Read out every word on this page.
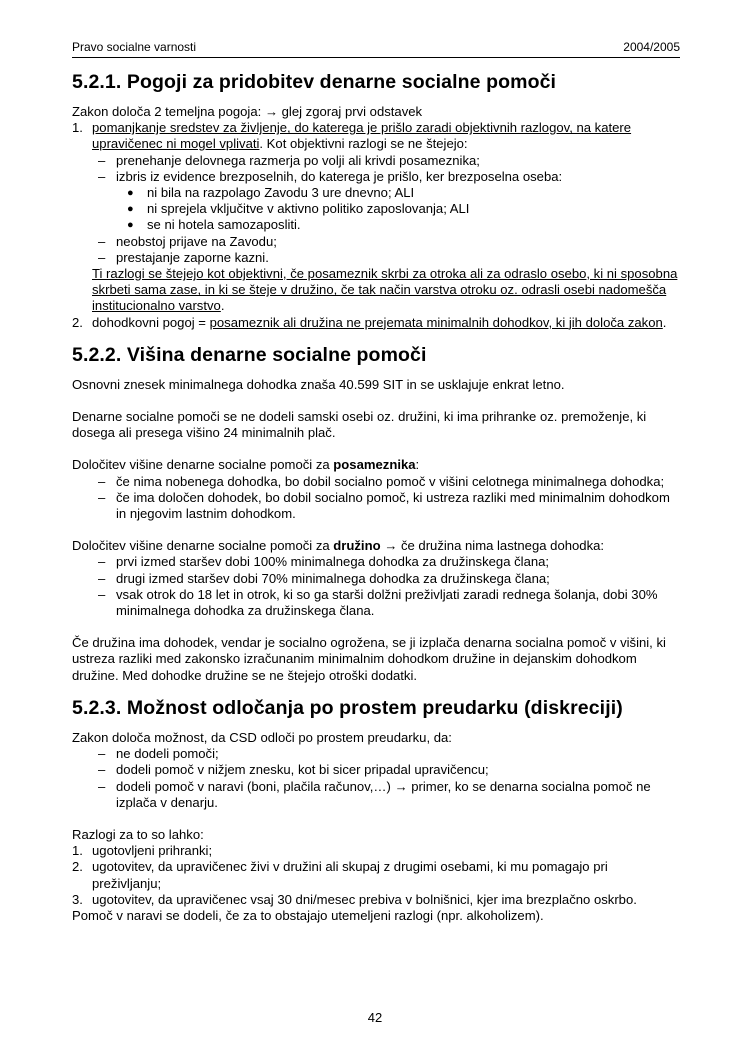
Pravo socialne varnosti	2004/2005
5.2.1. Pogoji za pridobitev denarne socialne pomoči

Zakon določa 2 temeljna pogoja: → glej zgoraj prvi odstavek

1. pomanjkanje sredstev za življenje, do katerega je prišlo zaradi objektivnih razlogov, na katere upravičenec ni mogel vplivati. Kot objektivni razlogi se ne štejejo:
– prenehanje delovnega razmerja po volji ali krivdi posameznika;
– izbris iz evidence brezposelnih, do katerega je prišlo, ker brezposelna oseba:
● ni bila na razpolago Zavodu 3 ure dnevno; ALI
● ni sprejela vključitve v aktivno politiko zaposlovanja; ALI
● se ni hotela samozaposliti.
– neobstoj prijave na Zavodu;
– prestajanje zaporne kazni.
Ti razlogi se štejejo kot objektivni, če posameznik skrbi za otroka ali za odraslo osebo, ki ni sposobna skrbeti sama zase, in ki se šteje v družino, če tak način varstva otroku oz. odrasli osebi nadomešča institucionalno varstvo.
2. dohodkovni pogoj = posameznik ali družina ne prejemata minimalnih dohodkov, ki jih določa zakon.
5.2.2. Višina denarne socialne pomoči

Osnovni znesek minimalnega dohodka znaša 40.599 SIT in se usklajuje enkrat letno.

Denarne socialne pomoči se ne dodeli samski osebi oz. družini, ki ima prihranke oz. premoženje, ki dosega ali presega višino 24 minimalnih plač.

Določitev višine denarne socialne pomoči za posameznika:

– če nima nobenega dohodka, bo dobil socialno pomoč v višini celotnega minimalnega dohodka;
– če ima določen dohodek, bo dobil socialno pomoč, ki ustreza razliki med minimalnim dohodkom in njegovim lastnim dohodkom.

Določitev višine denarne socialne pomoči za družino → če družina nima lastnega dohodka:

– prvi izmed staršev dobi 100% minimalnega dohodka za družinskega člana;
– drugi izmed staršev dobi 70% minimalnega dohodka za družinskega člana;
– vsak otrok do 18 let in otrok, ki so ga starši dolžni preživljati zaradi rednega šolanja, dobi 30% minimalnega dohodka za družinskega člana.

Če družina ima dohodek, vendar je socialno ogrožena, se ji izplača denarna socialna pomoč v višini, ki ustreza razliki med zakonsko izračunanim minimalnim dohodkom družine in dejanskim dohodkom družine. Med dohodke družine se ne štejejo otroški dodatki.

5.2.3. Možnost odločanja po prostem preudarku (diskreciji)

Zakon določa možnost, da CSD odloči po prostem preudarku, da:

– ne dodeli pomoči;
– dodeli pomoč v nižjem znesku, kot bi sicer pripadal upravičencu;
– dodeli pomoč v naravi (boni, plačila računov,…) → primer, ko se denarna socialna pomoč ne izplača v denarju.

Razlogi za to so lahko:

1. ugotovljeni prihranki;
2. ugotovitev, da upravičenec živi v družini ali skupaj z drugimi osebami, ki mu pomagajo pri preživljanju;
3. ugotovitev, da upravičenec vsaj 30 dni/mesec prebiva v bolnišnici, kjer ima brezplačno oskrbo.

Pomoč v naravi se dodeli, če za to obstajajo utemeljeni razlogi (npr. alkoholizem).

42
